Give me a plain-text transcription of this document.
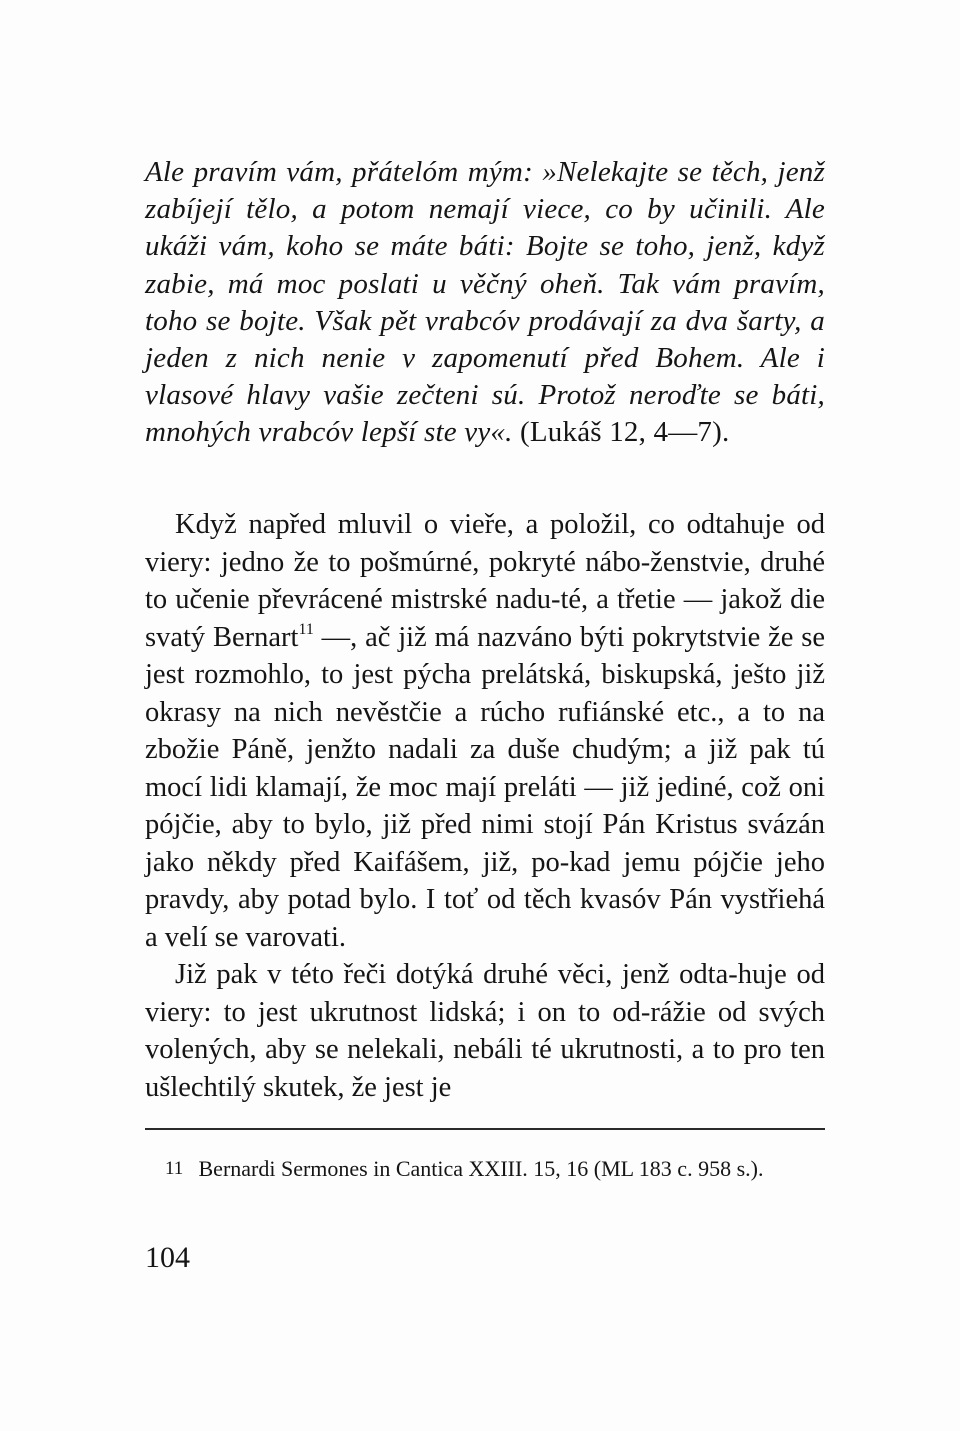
Ale pravím vám, přátelóm mým: »Nelekajte se těch, jenž zabíjejí tělo, a potom nemají viece, co by učinili. Ale ukáži vám, koho se máte báti: Bojte se toho, jenž, když zabie, má moc poslati u věčný oheň. Tak vám pravím, toho se bojte. Však pět vrabcóv prodávají za dva šarty, a jeden z nich nenie v zapomenutí před Bohem. Ale i vlasové hlavy vašie zečteni sú. Protož neroďte se báti, mnohých vrabcóv lepší ste vy«. (Lukáš 12, 4—7).

Když napřed mluvil o vieře, a položil, co odtahuje od viery: jedno že to pošmúrné, pokryté nábo-ženstvie, druhé to učenie převrácené mistrské nadu-té, a třetie — jakož die svatý Bernart$^{11}$ —, ač již má nazváno býti pokrytstvie že se jest rozmohlo, to jest pýcha prelátská, biskupská, ješto již okrasy na nich nevěstčie a rúcho rufiánské etc., a to na zbožie Páně, jenžto nadali za duše chudým; a již pak tú mocí lidi klamají, že moc mají preláti — již jediné, což oni pójčie, aby to bylo, již před nimi stojí Pán Kristus svázán jako někdy před Kaifášem, již, po-kad jemu pójčie jeho pravdy, aby potad bylo. I toť od těch kvasóv Pán vystřiehá a velí se varovati.

Již pak v této řeči dotýká druhé věci, jenž odta-huje od viery: to jest ukrutnost lidská; i on to od-rážie od svých volených, aby se nelekali, nebáli té ukrutnosti, a to pro ten ušlechtilý skutek, že jest je

11 Bernardi Sermones in Cantica XXIII. 15, 16 (ML 183 c. 958 s.).
104
